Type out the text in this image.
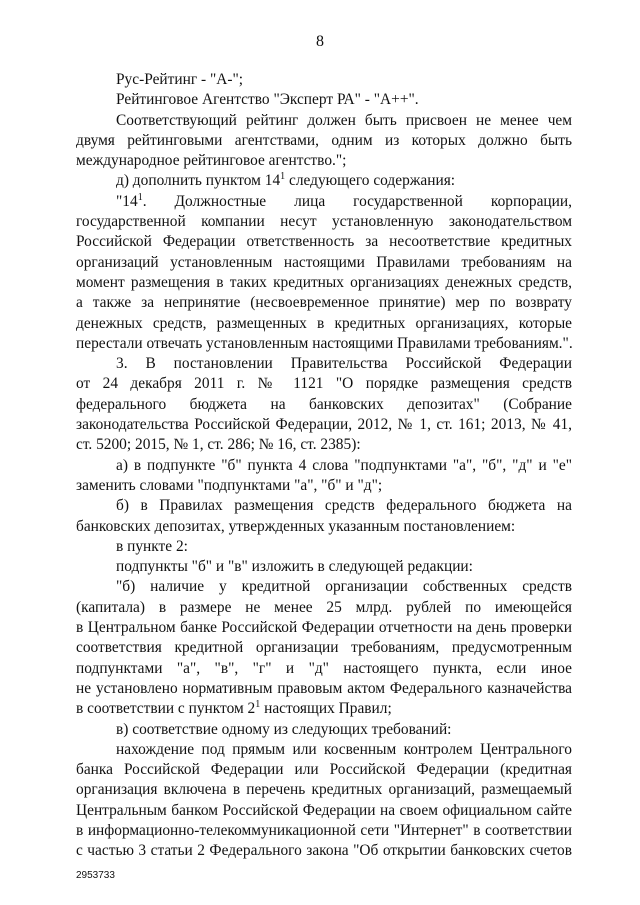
8

Рус-Рейтинг - "А-";

Рейтинговое Агентство "Эксперт РА" - "А++".

Соответствующий рейтинг должен быть присвоен не менее чем
двумя рейтинговыми агентствами, одним из которых должно быть
международное рейтинговое агентство.";

д) дополнить пунктом $14^1$ следующего содержания:

"$14^1$. Должностные лица государственной корпорации,
государственной компании несут установленную законодательством
Российской Федерации ответственность за несоответствие кредитных
организаций установленным настоящими Правилами требованиям на
момент размещения в таких кредитных организациях денежных средств,
а также за непринятие (несвоевременное принятие) мер по возврату
денежных средств, размещенных в кредитных организациях, которые
перестали отвечать установленным настоящими Правилами требованиям.".

3. В постановлении Правительства Российской Федерации
от 24 декабря 2011 г. № 1121 "О порядке размещения средств
федерального бюджета на банковских депозитах" (Собрание
законодательства Российской Федерации, 2012, № 1, ст. 161; 2013, № 41,
ст. 5200; 2015, № 1, ст. 286; № 16, ст. 2385):

а) в подпункте "б" пункта 4 слова "подпунктами "а", "б", "д" и "е"
заменить словами "подпунктами "а", "б" и "д";

б) в Правилах размещения средств федерального бюджета на
банковских депозитах, утвержденных указанным постановлением:

в пункте 2:

подпункты "б" и "в" изложить в следующей редакции:

"б) наличие у кредитной организации собственных средств
(капитала) в размере не менее 25 млрд. рублей по имеющейся
в Центральном банке Российской Федерации отчетности на день проверки
соответствия кредитной организации требованиям, предусмотренным
подпунктами "а", "в", "г" и "д" настоящего пункта, если иное
не установлено нормативным правовым актом Федерального казначейства
в соответствии с пунктом $2^1$ настоящих Правил;

в) соответствие одному из следующих требований:

нахождение под прямым или косвенным контролем Центрального
банка Российской Федерации или Российской Федерации (кредитная
организация включена в перечень кредитных организаций, размещаемый
Центральным банком Российской Федерации на своем официальном сайте
в информационно-телекоммуникационной сети "Интернет" в соответствии
с частью 3 статьи 2 Федерального закона "Об открытии банковских счетов

2953733
